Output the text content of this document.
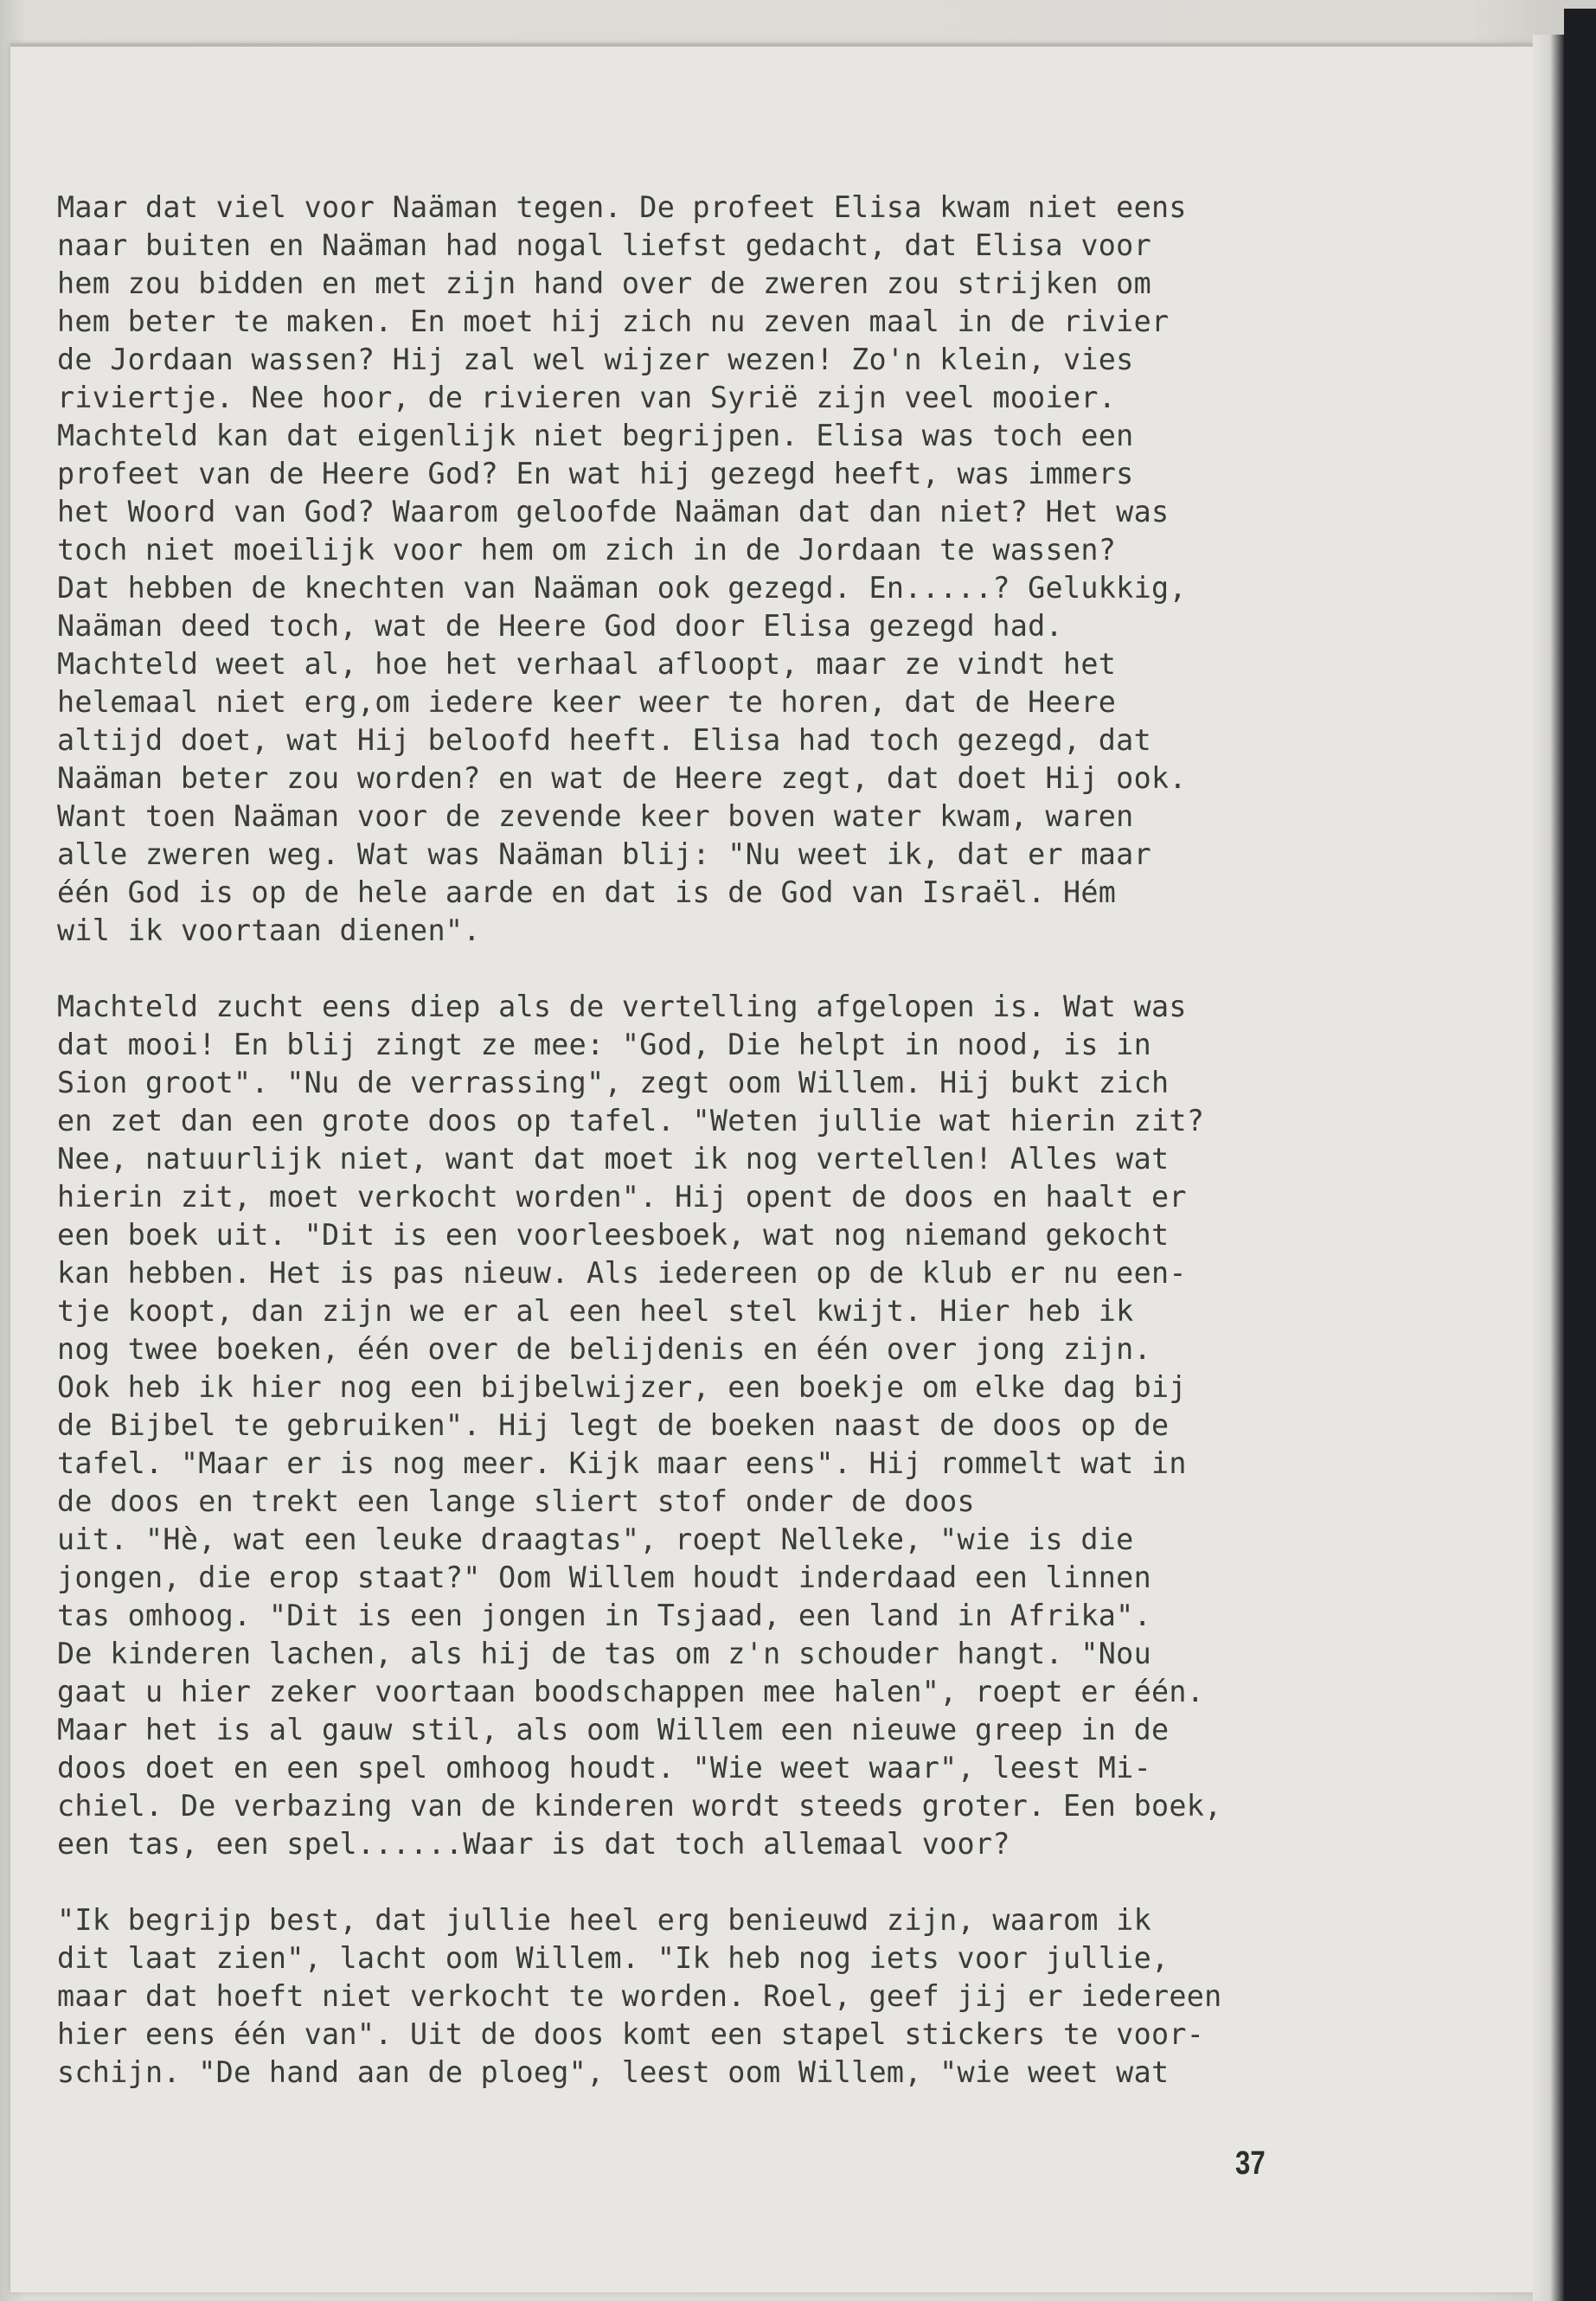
Maar dat viel voor Naäman tegen. De profeet Elisa kwam niet eens
naar buiten en Naäman had nogal liefst gedacht, dat Elisa voor
hem zou bidden en met zijn hand over de zweren zou strijken om
hem beter te maken. En moet hij zich nu zeven maal in de rivier
de Jordaan wassen? Hij zal wel wijzer wezen! Zo'n klein, vies
riviertje. Nee hoor, de rivieren van Syrië zijn veel mooier.
Machteld kan dat eigenlijk niet begrijpen. Elisa was toch een
profeet van de Heere God? En wat hij gezegd heeft, was immers
het Woord van God? Waarom geloofde Naäman dat dan niet? Het was
toch niet moeilijk voor hem om zich in de Jordaan te wassen?
Dat hebben de knechten van Naäman ook gezegd. En.....? Gelukkig,
Naäman deed toch, wat de Heere God door Elisa gezegd had.
Machteld weet al, hoe het verhaal afloopt, maar ze vindt het
helemaal niet erg,om iedere keer weer te horen, dat de Heere
altijd doet, wat Hij beloofd heeft. Elisa had toch gezegd, dat
Naäman beter zou worden? en wat de Heere zegt, dat doet Hij ook.
Want toen Naäman voor de zevende keer boven water kwam, waren
alle zweren weg. Wat was Naäman blij: "Nu weet ik, dat er maar
één God is op de hele aarde en dat is de God van Israël. Hém
wil ik voortaan dienen".
Machteld zucht eens diep als de vertelling afgelopen is. Wat was
dat mooi! En blij zingt ze mee: "God, Die helpt in nood, is in
Sion groot". "Nu de verrassing", zegt oom Willem. Hij bukt zich
en zet dan een grote doos op tafel. "Weten jullie wat hierin zit?
Nee, natuurlijk niet, want dat moet ik nog vertellen! Alles wat
hierin zit, moet verkocht worden". Hij opent de doos en haalt er
een boek uit. "Dit is een voorleesboek, wat nog niemand gekocht
kan hebben. Het is pas nieuw. Als iedereen op de klub er nu een-
tje koopt, dan zijn we er al een heel stel kwijt. Hier heb ik
nog twee boeken, één over de belijdenis en één over jong zijn.
Ook heb ik hier nog een bijbelwijzer, een boekje om elke dag bij
de Bijbel te gebruiken". Hij legt de boeken naast de doos op de
tafel. "Maar er is nog meer. Kijk maar eens". Hij rommelt wat in
de doos en trekt een lange sliert stof onder de doos
uit. "Hè, wat een leuke draagtas", roept Nelleke, "wie is die
jongen, die erop staat?" Oom Willem houdt inderdaad een linnen
tas omhoog. "Dit is een jongen in Tsjaad, een land in Afrika".
De kinderen lachen, als hij de tas om z'n schouder hangt. "Nou
gaat u hier zeker voortaan boodschappen mee halen", roept er één.
Maar het is al gauw stil, als oom Willem een nieuwe greep in de
doos doet en een spel omhoog houdt. "Wie weet waar", leest Mi-
chiel. De verbazing van de kinderen wordt steeds groter. Een boek,
een tas, een spel......Waar is dat toch allemaal voor?
"Ik begrijp best, dat jullie heel erg benieuwd zijn, waarom ik
dit laat zien", lacht oom Willem. "Ik heb nog iets voor jullie,
maar dat hoeft niet verkocht te worden. Roel, geef jij er iedereen
hier eens één van". Uit de doos komt een stapel stickers te voor-
schijn. "De hand aan de ploeg", leest oom Willem, "wie weet wat
37
